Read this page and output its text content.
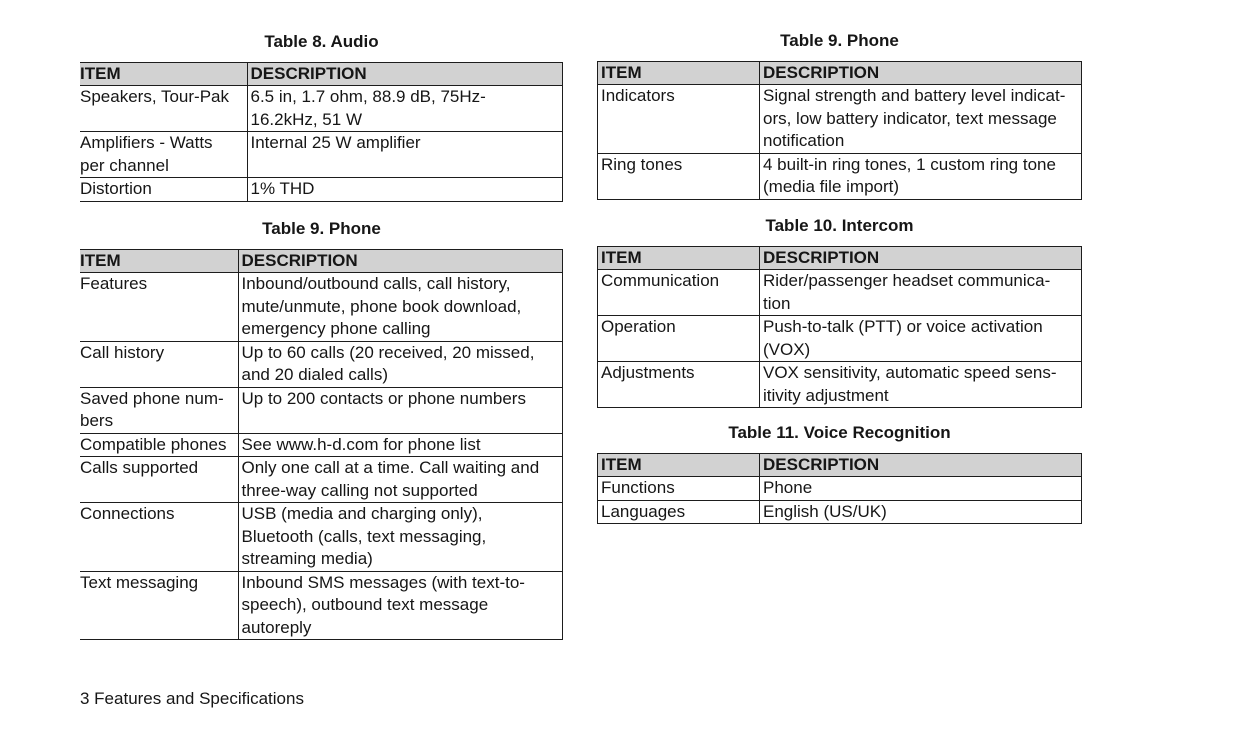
Table 8. Audio
ITEM	DESCRIPTION
Speakers, Tour-Pak	6.5 in, 1.7 ohm, 88.9 dB, 75Hz-
16.2kHz, 51 W
Amplifiers - Watts
per channel	Internal 25 W amplifier
Distortion	1% THD
Table 9. Phone
ITEM	DESCRIPTION
Features	Inbound/outbound calls, call history,
mute/unmute, phone book download,
emergency phone calling
Call history	Up to 60 calls (20 received, 20 missed,
and 20 dialed calls)
Saved phone num-
bers	Up to 200 contacts or phone numbers
Compatible phones	See www.h-d.com for phone list
Calls supported	Only one call at a time. Call waiting and
three-way calling not supported
Connections	USB (media and charging only),
Bluetooth (calls, text messaging,
streaming media)
Text messaging	Inbound SMS messages (with text-to-
speech), outbound text message
autoreply
Table 9. Phone
ITEM	DESCRIPTION
Indicators	Signal strength and battery level indicat-
ors, low battery indicator, text message
notification
Ring tones	4 built-in ring tones, 1 custom ring tone
(media file import)
Table 10. Intercom
ITEM	DESCRIPTION
Communication	Rider/passenger headset communica-
tion
Operation	Push-to-talk (PTT) or voice activation
(VOX)
Adjustments	VOX sensitivity, automatic speed sens-
itivity adjustment
Table 11. Voice Recognition
ITEM	DESCRIPTION
Functions	Phone
Languages	English (US/UK)
3 Features and Specifications
